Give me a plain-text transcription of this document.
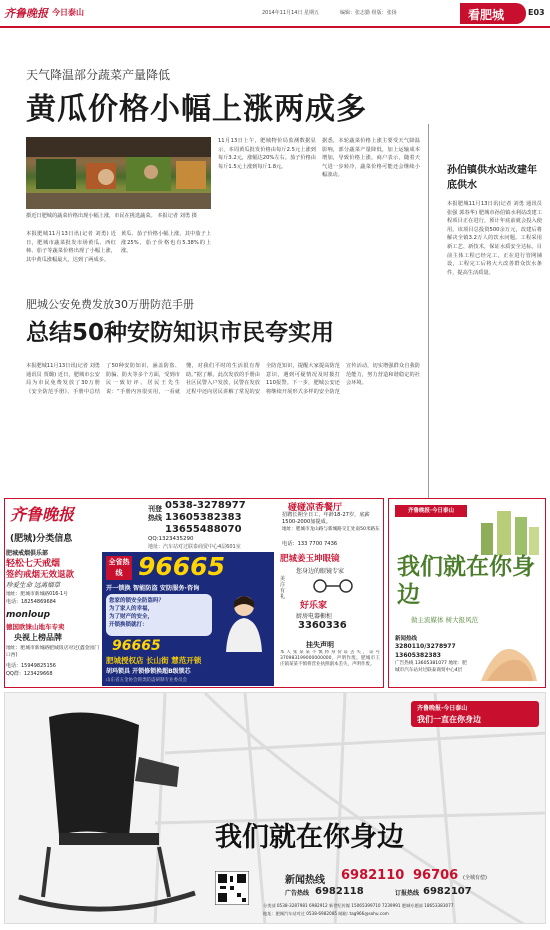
齐鲁晚报 今日泰山	2014年11月14日 星期五	编辑：张志勤 组版：张扬	看肥城	E03
天气降温部分蔬菜产量降低
黄瓜价格小幅上涨两成多
摄近日肥城的蔬菜价格出现小幅上涨，市民在挑选蔬菜。 本报记者 刘勇 摄
本报肥城11月13日讯(记者 刘勇) 近日，肥城市蔬菜批发市场黄瓜、西红柿、茄子等蔬菜价格出现了小幅上涨，其中黄瓜涨幅最大，达到了两成多。
黄瓜、茄子价格小幅上涨，其中茄子上涨25%，茄子价格也有5.38%的上涨。
11月13日上午，肥城物价局监测数据显示，本周黄瓜批发价格由每斤2.5元上涨到每斤3.2元，涨幅达20%左右。茄子价格由每斤1.5元上涨到每斤1.8元。
据悉，本轮蔬菜价格上涨主要受天气降温影响，部分蔬菜产量降低，加上运输成本增加，导致价格上涨。商户表示，随着天气进一步转冷，蔬菜价格可能还会继续小幅波动。	孙伯镇供水站改建年底供水
本报肥城11月13日讯(记者 刘勇 通讯员 张强 郭春华) 肥城市孙伯镇水利站改建工程项目正在进行，预计年底前就会投入使用。该项目总投资500余万元，改建后将解决全镇3.2万人的饮水问题。工程采用新工艺、新技术，保证水质安全达标。目前主体工程已经完工，正在进行管网铺设，工程完工后将大大改善群众饮水条件，提高生活质量。
肥城公安免费发放30万册防范手册
总结50种安防知识市民夸实用
本报肥城11月13日讯(记者 刘勇 通讯员 贾璐) 近日，肥城市公安局为市民免费发放了30万册《安全防范手册》，手册中总结了50种安防知识，涵盖防盗、防骗、防火等多个方面，受到市民一致好评。居民王先生说：“手册内容很实用，一看就懂，对我们平时的生活很有帮助。”据了解，此次发放的手册由社区民警入户发放，民警在发放过程中还向居民讲解了常见的安全防范知识，提醒大家提高防范意识，遇到可疑情况及时拨打110报警。下一步，肥城公安还将继续开展形式多样的安全防范宣传活动，切实增强群众自我防范能力，努力营造和谐稳定的社会环境。
齐鲁晚报
(肥城)分类信息
刊登热线
0538-3278977
13605382383
13655488070
QQ:1323435290
地址：汽车站对过联泰商贸中心4层601室
肥城戒烟俱乐部
轻松七天戒烟
签约戒烟无效退款
珍爱生命 远离烟草
地址：肥城市新城路016-1号
电话：18254869684
monloup
德国欧铼山地车专卖
央视上榜品牌
地址：肥城市新城路肥城饭店对过(鑫金园门口西)
电话：15949825156
QQ群：123429668
全省热线 96665
开一锁换 智能防盗 安防服务·咨询
您家的锁安全防盗吗？
为了家人的幸福，
为了财产的安全，
开锁换锁就打：
96665
肥城授权店 长山街 慧范开锁
胡玛锁具 开锁修锁换超B级锁芯
山东省五金协会锁类防盗研制专业委员会
碰碰凉香餐厅
招聘长期全日工，年龄18-27岁，底薪1500-2000加提成。
地址：肥城市龙山路与新城路交汇处南50米路东
电话：133 7700 7436
肥城姜玉坤眼镜
您身边的眼镜专家
美注有礼
好乐家
厨房电器橱柜
3360336
挂失声明
本人张某某不慎将身份证丢失，证号370983199000000000，声明作废。肥城市王庄镇某某不慎将营业执照副本丢失，声明作废。
齐鲁晚报·今日泰山
我们就在你身边
做主流媒体 树大报风范
新闻热线
3280110/3278977
13605382383
广告热线 13605381077 地址：肥城市汽车站对过联泰商贸中心4层
齐鲁晚报·今日泰山
我们一直在你身边
我们就在你身边
新闻热线 6982110 96706 (全城有偿)
广告热线 6982118	订报热线 6982107
分类部 0538-3287981 6982912 新世纪传媒 15065399710 7239991 肥城专题部 18653383077
地址：肥城汽车站对过 0538-6982085 邮箱: tag966@sohu.com
